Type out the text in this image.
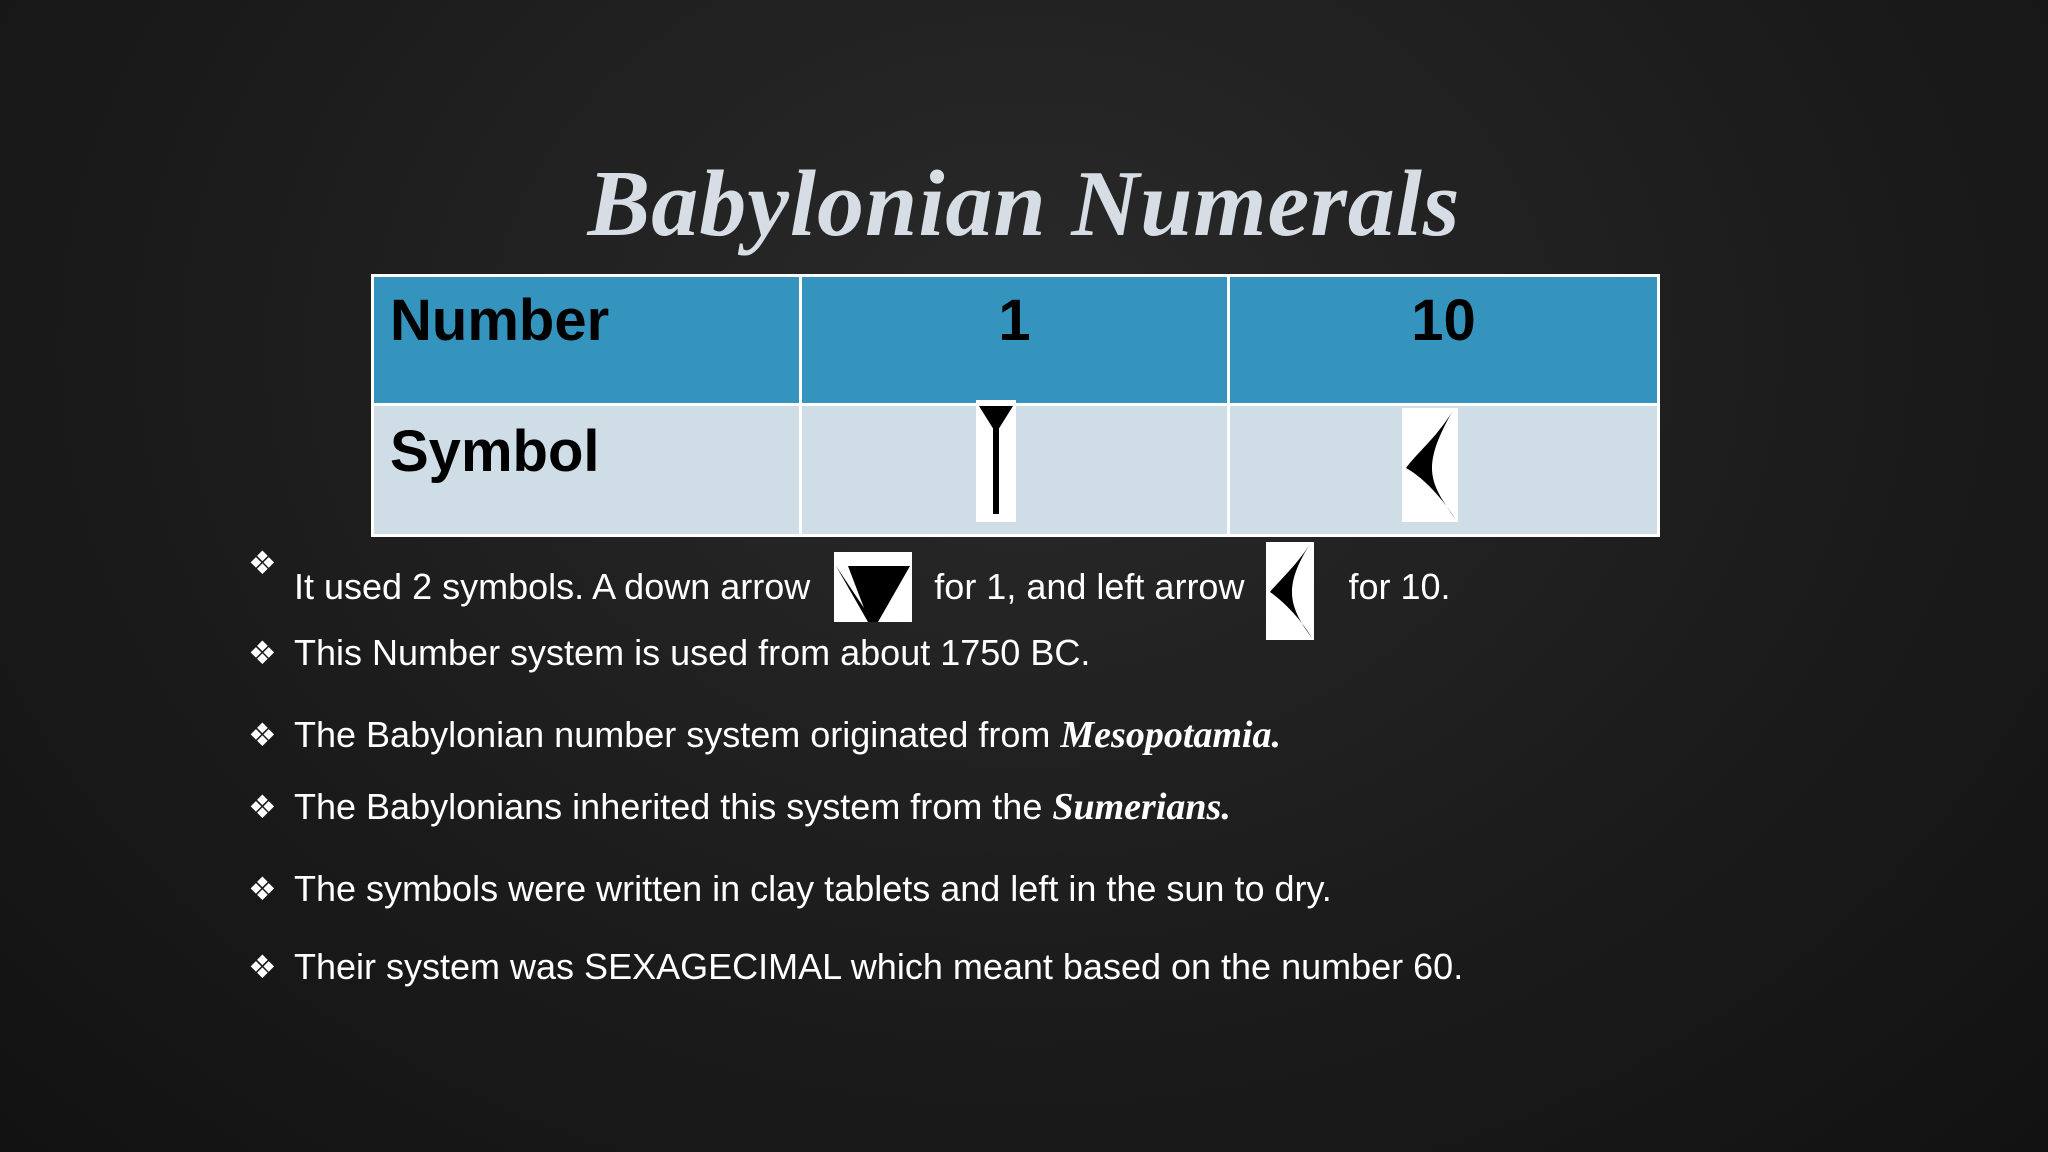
Babylonian Numerals
Number	1	10
Symbol	

❖
It used 2 symbols. A down arrow	for 1, and left arrow	for 10.
❖ This Number system is used from about 1750 BC.
❖ The Babylonian number system originated from Mesopotamia.
❖ The Babylonians inherited this system from the Sumerians.
❖ The symbols were written in clay tablets and left in the sun to dry.
❖ Their system was SEXAGECIMAL which meant based on the number 60.
